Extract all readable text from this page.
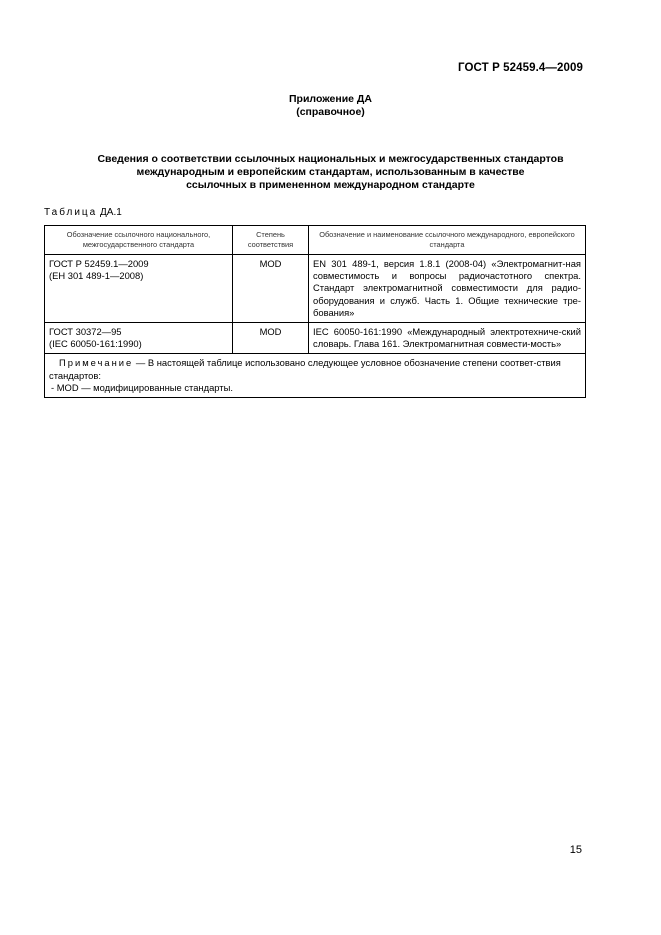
ГОСТ Р 52459.4—2009
Приложение ДА
(справочное)
Сведения о соответствии ссылочных национальных и межгосударственных стандартов
международным и европейским стандартам, использованным в качестве
ссылочных в примененном международном стандарте
Таблица ДА.1
Обозначение ссылочного национального, межгосударственного стандарта	Степень соответствия	Обозначение и наименование ссылочного международного, европейского стандарта

ГОСТ Р 52459.1—2009
(ЕН 301 489-1—2008)	MOD	EN 301 489-1, версия 1.8.1 (2008-04) «Электромагнит-ная совместимость и вопросы радиочастотного спектра. Стандарт электромагнитной совместимости для радио-оборудования и служб. Часть 1. Общие технические тре-бования»

ГОСТ 30372—95
(IEC 60050-161:1990)	MOD	IEC 60050-161:1990 «Международный электротехниче-ский словарь. Глава 161. Электромагнитная совмести-мость»

Примечание — В настоящей таблице использовано следующее условное обозначение степени соответ-ствия стандартов:
- MOD — модифицированные стандарты.		
15
